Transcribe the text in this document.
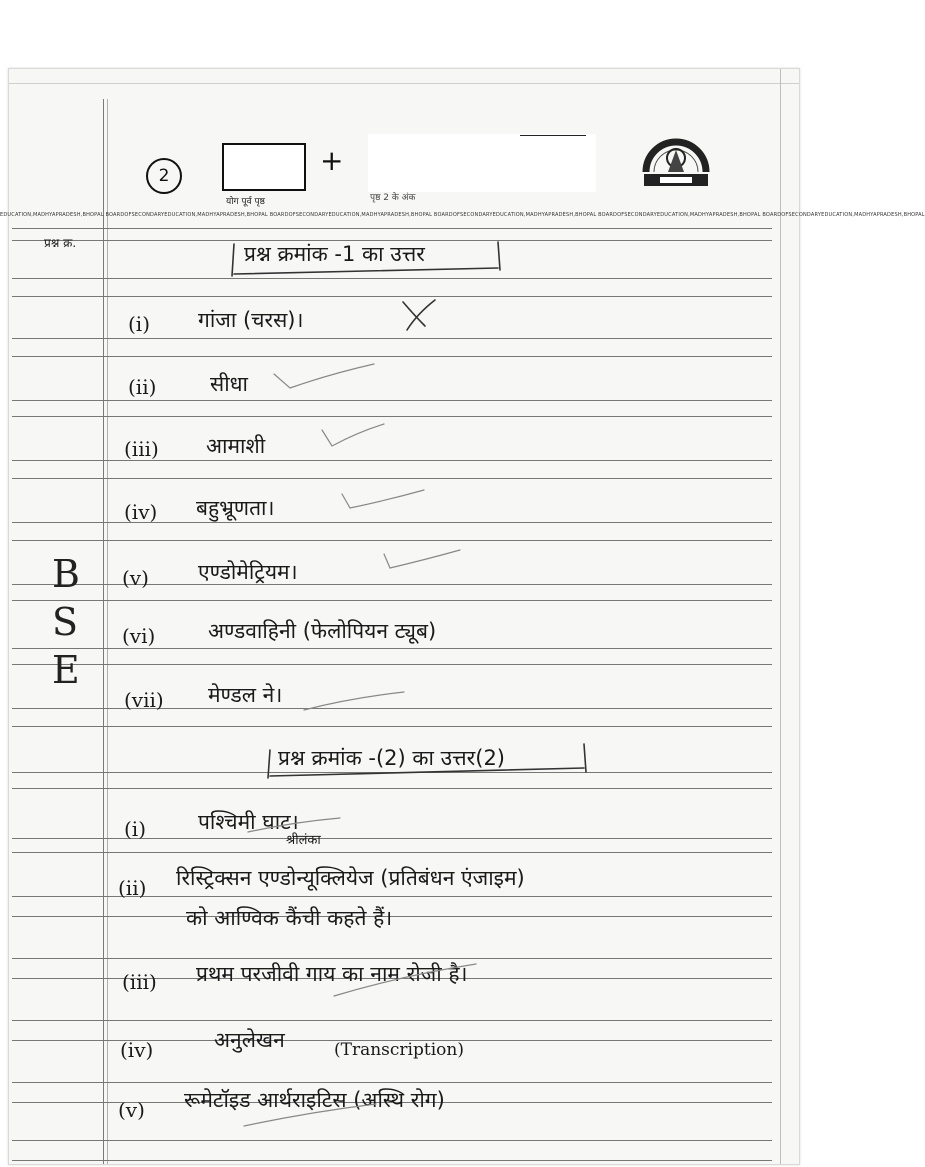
2	+
योग पूर्व पृष्ठ	पृष्ठ 2 के अंक
EDUCATION,MADHYAPRADESH,BHOPAL BOARDOFSECONDARYEDUCATION,MADHYAPRADESH,BHOPAL BOARDOFSECONDARYEDUCATION,MADHYAPRADESH,BHOPAL BOARDOFSECONDARYEDUCATION,MADHYAPRADESH,BHOPAL BOARDOFSECONDARYEDUCATION,MADHYAPRADESH,BHOPAL BOARDOFSECONDARYEDUCATION,MADHYAPRADESH,BHOPAL
प्रश्न क्र.
B
S
E
प्रश्न क्रमांक -1 का उत्तर
(i) गांजा (चरस)।
(ii)	सीधा
(iii) आमाशी
(iv) बहुभ्रूणता।
(v) एण्डोमेट्रियम।
(vi)	अण्डवाहिनी (फेलोपियन ट्यूब)
(vii) मेण्डल ने।
प्रश्न क्रमांक -(2) का उत्तर(2)
(i) पश्चिमी घाट।
श्रीलंका
(ii) रिस्ट्रिक्सन एण्डोन्यूक्लियेज (प्रतिबंधन एंजाइम)
को आण्विक कैंची कहते हैं।
(iii) प्रथम परजीवी गाय का नाम रोजी है।
(iv)	अनुलेखन	(Transcription)
(v) रूमेटॉइड आर्थराइटिस (अस्थि रोग)
